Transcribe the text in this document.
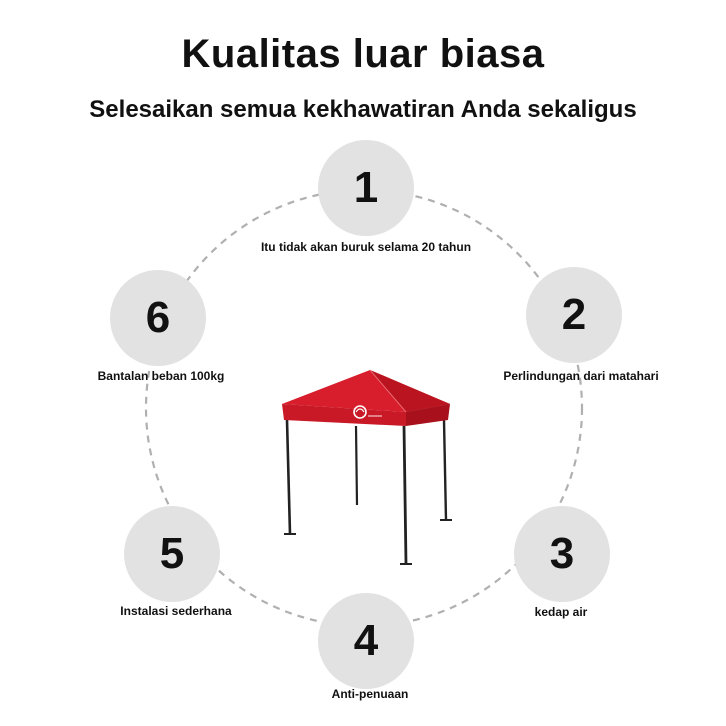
Kualitas luar biasa
Selesaikan semua kekhawatiran Anda sekaligus
1
Itu tidak akan buruk selama 20 tahun
2
Perlindungan dari matahari
3
kedap air
4
Anti-penuaan
5
Instalasi sederhana
6
Bantalan beban 100kg
